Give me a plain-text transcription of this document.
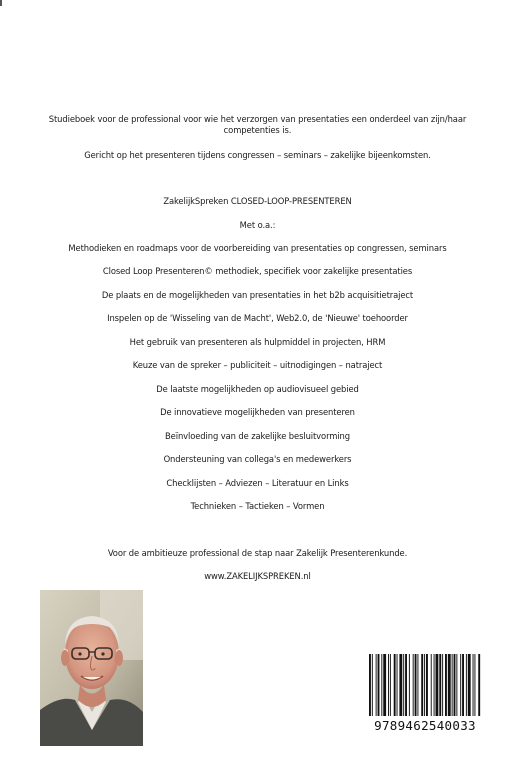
Studieboek voor de professional voor wie het verzorgen van presentaties een onderdeel van zijn/haar
competenties is.
Gericht op het presenteren tijdens congressen – seminars – zakelijke bijeenkomsten.
ZakelijkSpreken CLOSED-LOOP-PRESENTEREN
Met o.a.:
Methodieken en roadmaps voor de voorbereiding van presentaties op congressen, seminars
Closed Loop Presenteren© methodiek, specifiek voor zakelijke presentaties
De plaats en de mogelijkheden van presentaties in het b2b acquisitietraject
Inspelen op de 'Wisseling van de Macht', Web2.0, de 'Nieuwe' toehoorder
Het gebruik van presenteren als hulpmiddel in projecten, HRM
Keuze van de spreker – publiciteit – uitnodigingen – natraject
De laatste mogelijkheden op audiovisueel gebied
De innovatieve mogelijkheden van presenteren
Beïnvloeding van de zakelijke besluitvorming
Ondersteuning van collega's en medewerkers
Checklijsten – Adviezen – Literatuur en Links
Technieken – Tactieken – Vormen
Voor de ambitieuze professional de stap naar Zakelijk Presenterenkunde.
www.ZAKELIJKSPREKEN.nl
9789462540033
